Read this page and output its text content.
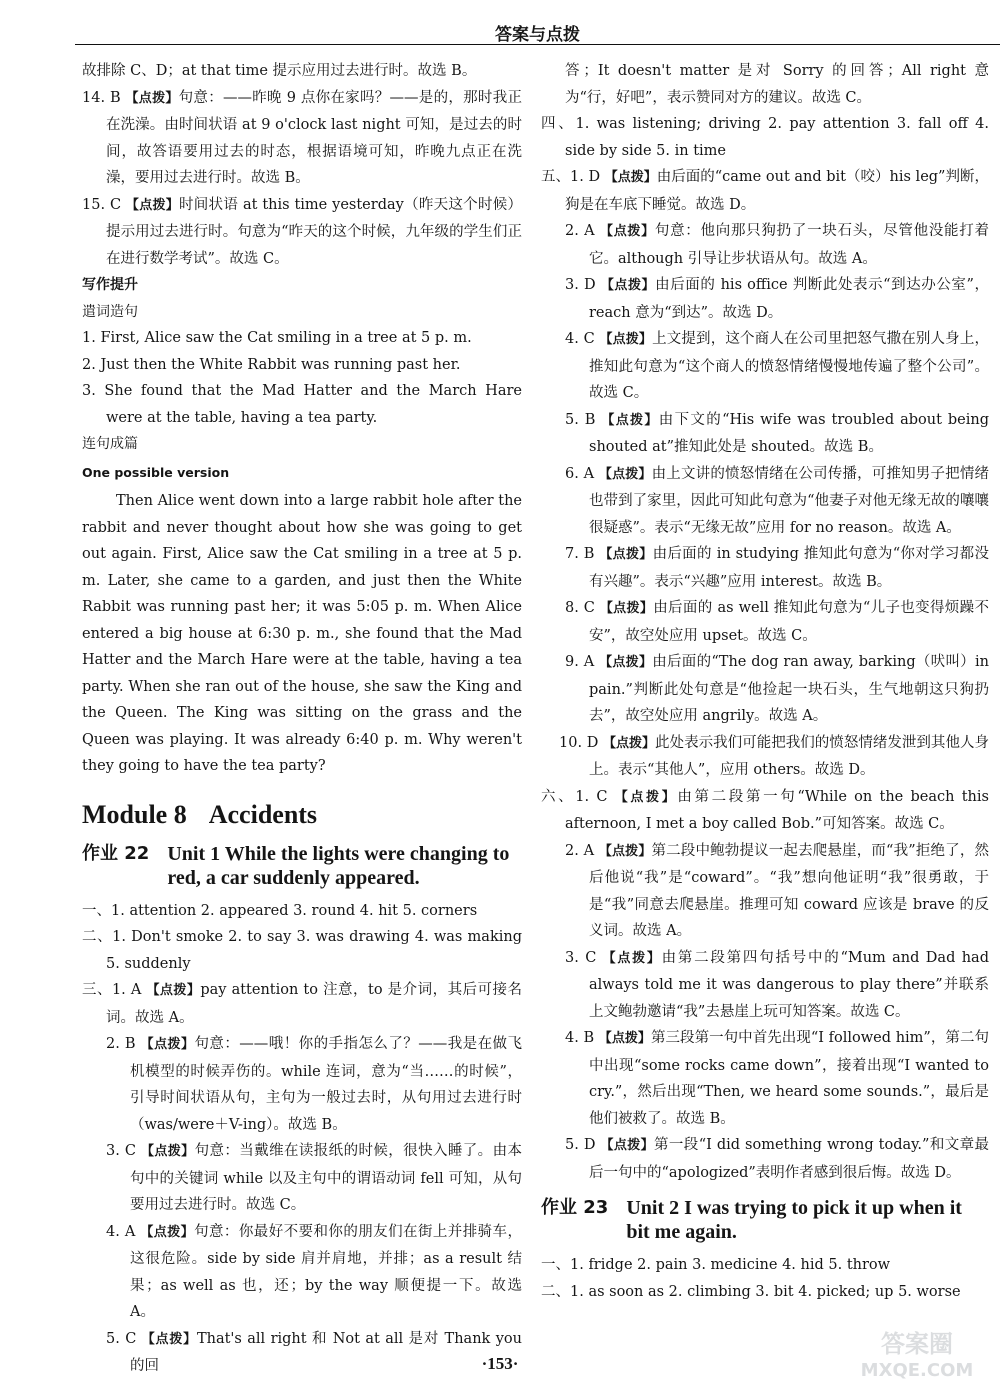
答案与点拨

故排除 C、D；at that time 提示应用过去进行时。故选 B。

14. B 【点拨】句意：——昨晚 9 点你在家吗？——是的，那时我正在洗澡。由时间状语 at 9 o'clock last night 可知，是过去的时间，故答语要用过去的时态，根据语境可知，昨晚九点正在洗澡，要用过去进行时。故选 B。

15. C 【点拨】时间状语 at this time yesterday（昨天这个时候）提示用过去进行时。句意为“昨天的这个时候，九年级的学生们正在进行数学考试”。故选 C。

写作提升

遣词造句

1. First, Alice saw the Cat smiling in a tree at 5 p. m.

2. Just then the White Rabbit was running past her.

3. She found that the Mad Hatter and the March Hare were at the table, having a tea party.

连句成篇

One possible version

Then Alice went down into a large rabbit hole after the rabbit and never thought about how she was going to get out again. First, Alice saw the Cat smiling in a tree at 5 p. m. Later, she came to a garden, and just then the White Rabbit was running past her; it was 5:05 p. m. When Alice entered a big house at 6:30 p. m., she found that the Mad Hatter and the March Hare were at the table, having a tea party. When she ran out of the house, she saw the King and the Queen. The King was sitting on the grass and the Queen was playing. It was already 6:40 p. m. Why weren't they going to have the tea party?

Module 8 Accidents
作业 22 Unit 1 While the lights were changing to red, a car suddenly appeared.

一、1. attention 2. appeared 3. round 4. hit 5. corners

二、1. Don't smoke 2. to say 3. was drawing 4. was making 5. suddenly

三、1. A 【点拨】pay attention to 注意，to 是介词，其后可接名词。故选 A。

2. B 【点拨】句意：——哦！你的手指怎么了？——我是在做飞机模型的时候弄伤的。while 连词，意为“当……的时候”，引导时间状语从句，主句为一般过去时，从句用过去进行时（was/were＋V-ing）。故选 B。

3. C 【点拨】句意：当戴维在读报纸的时候，很快入睡了。由本句中的关键词 while 以及主句中的谓语动词 fell 可知，从句要用过去进行时。故选 C。

4. A 【点拨】句意：你最好不要和你的朋友们在街上并排骑车，这很危险。side by side 肩并肩地，并排；as a result 结果；as well as 也，还；by the way 顺便提一下。故选 A。

5. C 【点拨】That's all right 和 Not at all 是对 Thank you 的回

答；It doesn't matter 是对 Sorry 的回答；All right 意为“行，好吧”，表示赞同对方的建议。故选 C。

四、1. was listening; driving 2. pay attention 3. fall off 4. side by side 5. in time

五、1. D 【点拨】由后面的“came out and bit（咬）his leg”判断，狗是在车底下睡觉。故选 D。

2. A 【点拨】句意：他向那只狗扔了一块石头，尽管他没能打着它。although 引导让步状语从句。故选 A。

3. D 【点拨】由后面的 his office 判断此处表示“到达办公室”，reach 意为“到达”。故选 D。

4. C 【点拨】上文提到，这个商人在公司里把怒气撒在别人身上，推知此句意为“这个商人的愤怒情绪慢慢地传遍了整个公司”。故选 C。

5. B 【点拨】由下文的“His wife was troubled about being shouted at”推知此处是 shouted。故选 B。

6. A 【点拨】由上文讲的愤怒情绪在公司传播，可推知男子把情绪也带到了家里，因此可知此句意为“他妻子对他无缘无故的嚷嚷很疑惑”。表示“无缘无故”应用 for no reason。故选 A。

7. B 【点拨】由后面的 in studying 推知此句意为“你对学习都没有兴趣”。表示“兴趣”应用 interest。故选 B。

8. C 【点拨】由后面的 as well 推知此句意为“儿子也变得烦躁不安”，故空处应用 upset。故选 C。

9. A 【点拨】由后面的“The dog ran away, barking（吠叫）in pain.”判断此处句意是“他捡起一块石头，生气地朝这只狗扔去”，故空处应用 angrily。故选 A。

10. D 【点拨】此处表示我们可能把我们的愤怒情绪发泄到其他人身上。表示“其他人”，应用 others。故选 D。

六、1. C 【点拨】由第二段第一句“While on the beach this afternoon, I met a boy called Bob.”可知答案。故选 C。

2. A 【点拨】第二段中鲍勃提议一起去爬悬崖，而“我”拒绝了，然后他说“我”是“coward”。“我”想向他证明“我”很勇敢，于是“我”同意去爬悬崖。推理可知 coward 应该是 brave 的反义词。故选 A。

3. C 【点拨】由第二段第四句括号中的“Mum and Dad had always told me it was dangerous to play there”并联系上文鲍勃邀请“我”去悬崖上玩可知答案。故选 C。

4. B 【点拨】第三段第一句中首先出现“I followed him”，第二句中出现“some rocks came down”，接着出现“I wanted to cry.”，然后出现“Then, we heard some sounds.”，最后是他们被救了。故选 B。

5. D 【点拨】第一段“I did something wrong today.”和文章最后一句中的“apologized”表明作者感到很后悔。故选 D。

作业 23 Unit 2 I was trying to pick it up when it bit me again.

一、1. fridge 2. pain 3. medicine 4. hid 5. throw

二、1. as soon as 2. climbing 3. bit 4. picked; up 5. worse

·153·
答案圈
MXQE.COM
